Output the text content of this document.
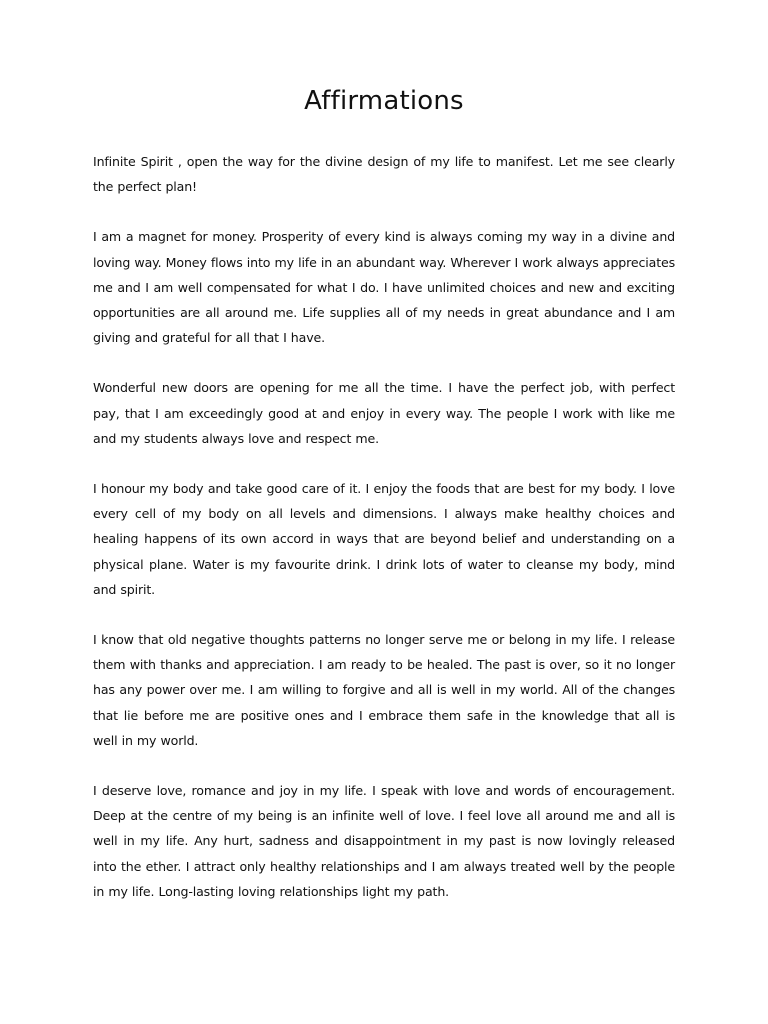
Affirmations

Infinite Spirit , open the way for the divine design of my life to manifest. Let me see clearly the perfect plan!

I am a magnet for money. Prosperity of every kind is always coming my way in a divine and loving way. Money flows into my life in an abundant way. Wherever I work always appreciates me and I am well compensated for what I do. I have unlimited choices and new and exciting opportunities are all around me. Life supplies all of my needs in great abundance and I am giving and grateful for all that I have.

Wonderful new doors are opening for me all the time. I have the perfect job, with perfect pay, that I am exceedingly good at and enjoy in every way. The people I work with like me and my students always love and respect me.

I honour my body and take good care of it. I enjoy the foods that are best for my body. I love every cell of my body on all levels and dimensions. I always make healthy choices and healing happens of its own accord in ways that are beyond belief and understanding on a physical plane. Water is my favourite drink. I drink lots of water to cleanse my body, mind and spirit.

I know that old negative thoughts patterns no longer serve me or belong in my life. I release them with thanks and appreciation. I am ready to be healed. The past is over, so it no longer has any power over me. I am willing to forgive and all is well in my world. All of the changes that lie before me are positive ones and I embrace them safe in the knowledge that all is well in my world.

I deserve love, romance and joy in my life. I speak with love and words of encouragement. Deep at the centre of my being is an infinite well of love. I feel love all around me and all is well in my life. Any hurt, sadness and disappointment in my past is now lovingly released into the ether. I attract only healthy relationships and I am always treated well by the people in my life. Long-lasting loving relationships light my path.
